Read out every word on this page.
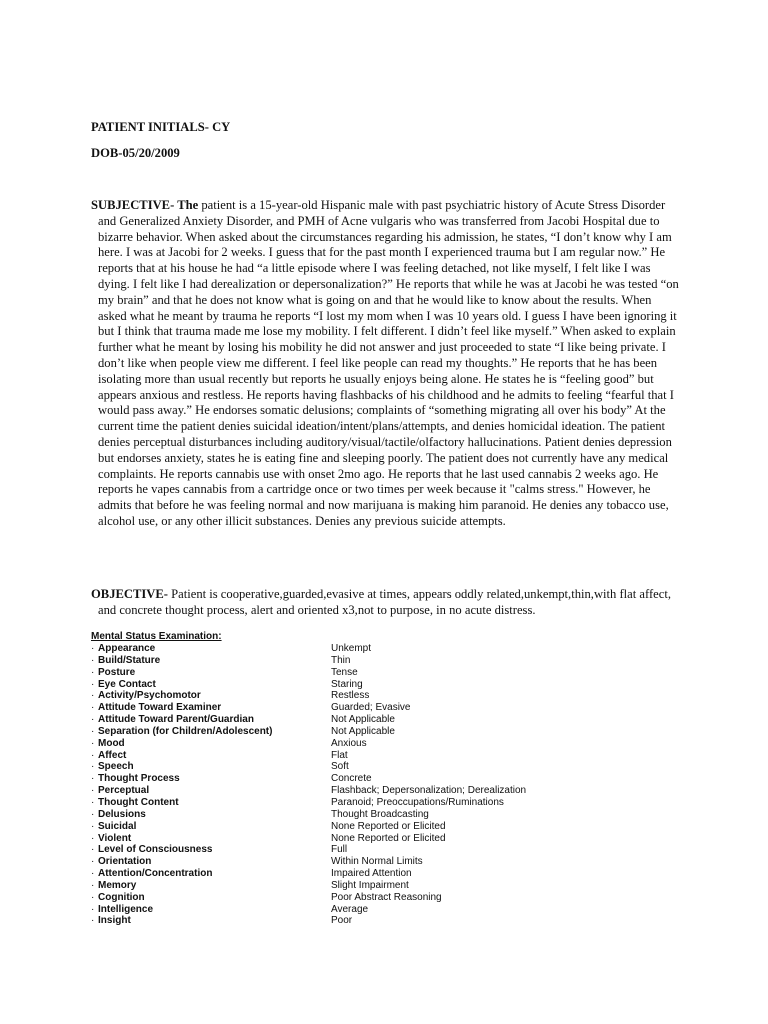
PATIENT INITIALS- CY
DOB-05/20/2009
SUBJECTIVE- The patient is a 15-year-old Hispanic male with past psychiatric history of Acute Stress Disorder
and Generalized Anxiety Disorder, and PMH of Acne vulgaris who was transferred from Jacobi Hospital due to
bizarre behavior. When asked about the circumstances regarding his admission, he states, “I don’t know why I am
here. I was at Jacobi for 2 weeks. I guess that for the past month I experienced trauma but I am regular now.” He
reports that at his house he had “a little episode where I was feeling detached, not like myself, I felt like I was
dying. I felt like I had derealization or depersonalization?” He reports that while he was at Jacobi he was tested “on
my brain” and that he does not know what is going on and that he would like to know about the results. When
asked what he meant by trauma he reports “I lost my mom when I was 10 years old. I guess I have been ignoring it
but I think that trauma made me lose my mobility. I felt different. I didn’t feel like myself.” When asked to explain
further what he meant by losing his mobility he did not answer and just proceeded to state “I like being private. I
don’t like when people view me different. I feel like people can read my thoughts.” He reports that he has been
isolating more than usual recently but reports he usually enjoys being alone. He states he is “feeling good” but
appears anxious and restless. He reports having flashbacks of his childhood and he admits to feeling “fearful that I
would pass away.” He endorses somatic delusions; complaints of “something migrating all over his body” At the
current time the patient denies suicidal ideation/intent/plans/attempts, and denies homicidal ideation. The patient
denies perceptual disturbances including auditory/visual/tactile/olfactory hallucinations. Patient denies depression
but endorses anxiety, states he is eating fine and sleeping poorly. The patient does not currently have any medical
complaints. He reports cannabis use with onset 2mo ago. He reports that he last used cannabis 2 weeks ago. He
reports he vapes cannabis from a cartridge once or two times per week because it "calms stress." However, he
admits that before he was feeling normal and now marijuana is making him paranoid. He denies any tobacco use,
alcohol use, or any other illicit substances. Denies any previous suicide attempts.
OBJECTIVE- Patient is cooperative,guarded,evasive at times, appears oddly related,unkempt,thin,with flat affect,
and concrete thought process, alert and oriented x3,not to purpose, in no acute distress.
Mental Status Examination:
· Appearance	Unkempt
· Build/Stature	Thin
· Posture	Tense
· Eye Contact	Staring
· Activity/Psychomotor	Restless
· Attitude Toward Examiner	Guarded; Evasive
· Attitude Toward Parent/Guardian	Not Applicable
· Separation (for Children/Adolescent)	Not Applicable
· Mood	Anxious
· Affect	Flat
· Speech	Soft
· Thought Process	Concrete
· Perceptual	Flashback; Depersonalization; Derealization
· Thought Content	Paranoid; Preoccupations/Ruminations
· Delusions	Thought Broadcasting
· Suicidal	None Reported or Elicited
· Violent	None Reported or Elicited
· Level of Consciousness	Full
· Orientation	Within Normal Limits
· Attention/Concentration	Impaired Attention
· Memory	Slight Impairment
· Cognition	Poor Abstract Reasoning
· Intelligence	Average
· Insight	Poor
